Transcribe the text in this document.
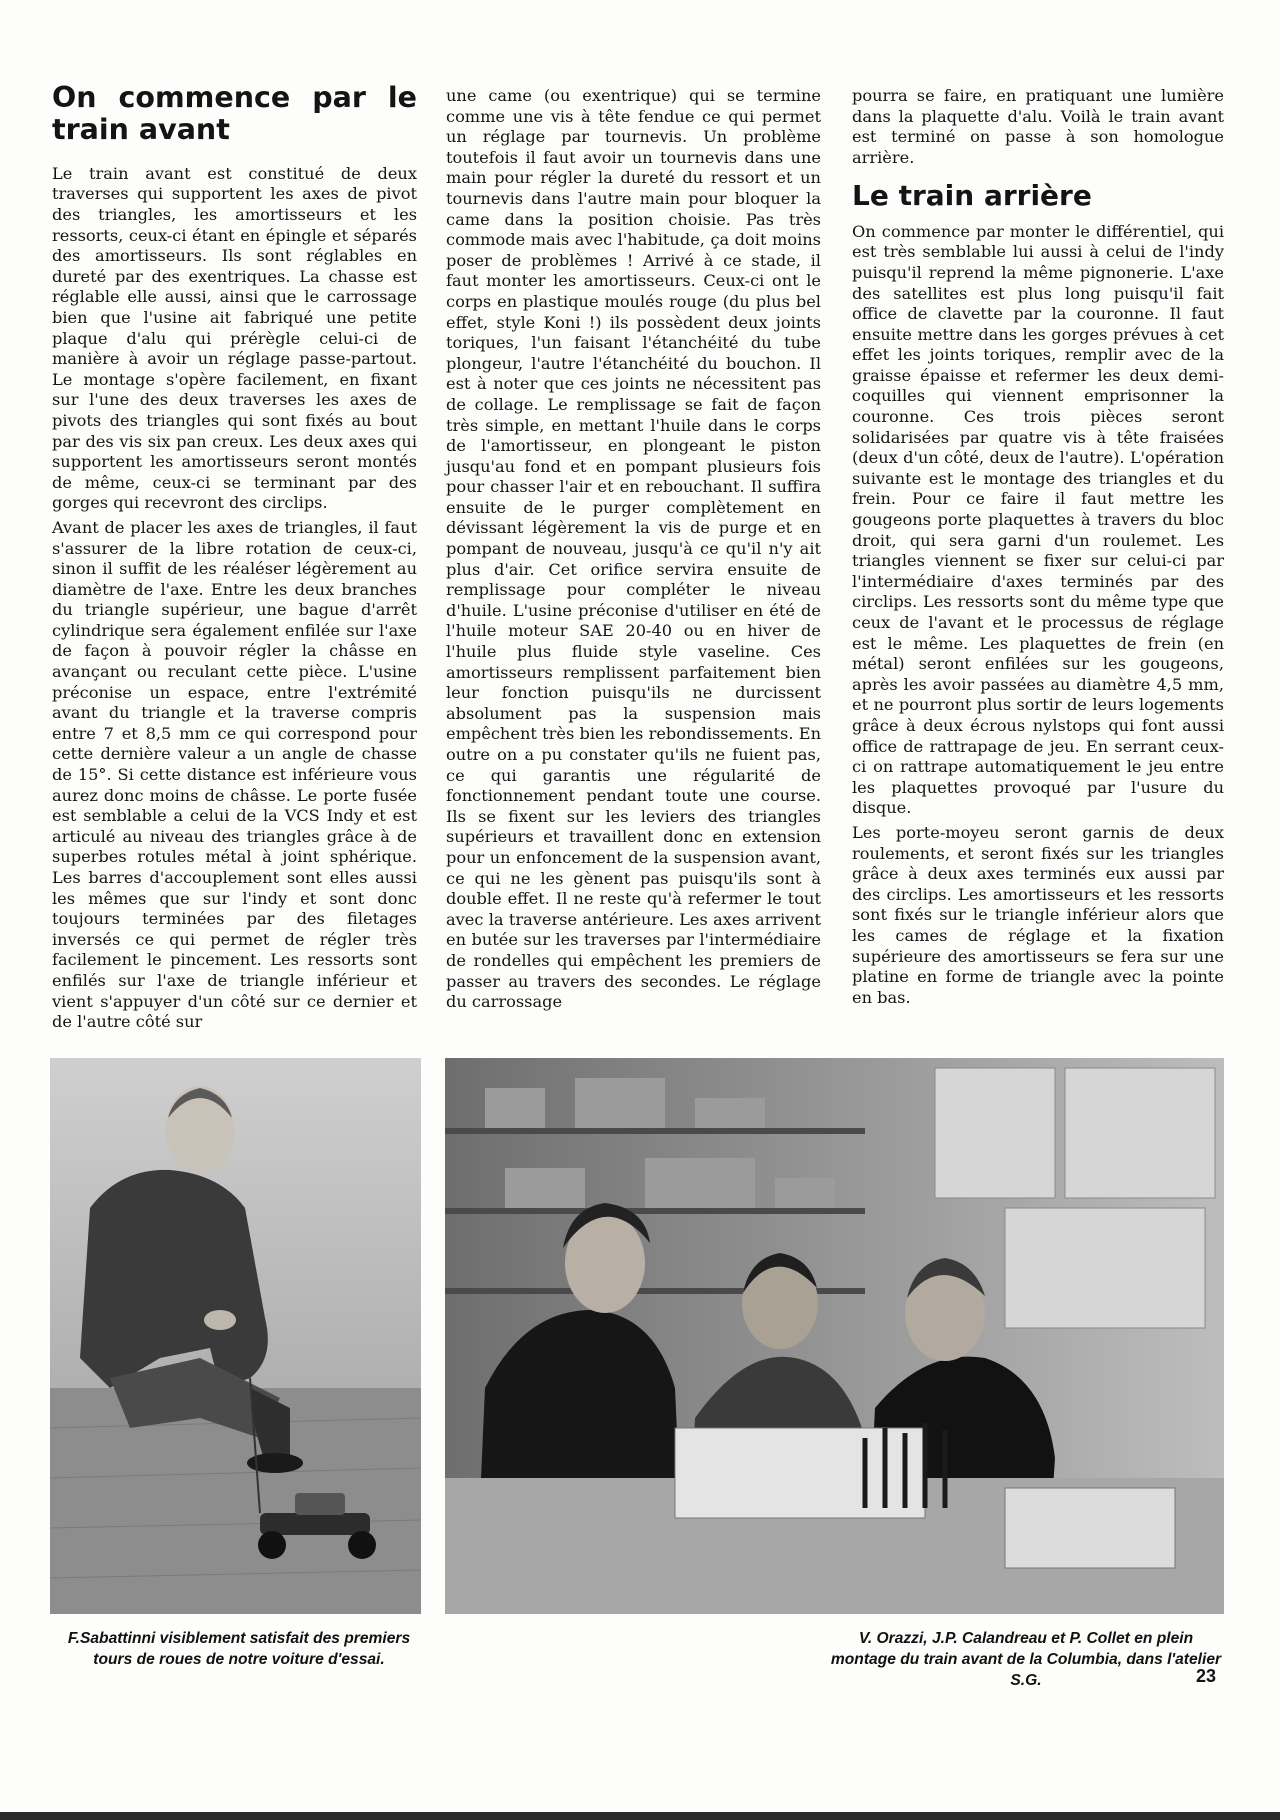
On commence par le train avant

Le train avant est constitué de deux traverses qui supportent les axes de pivot des triangles, les amortisseurs et les ressorts, ceux-ci étant en épingle et séparés des amortisseurs. Ils sont réglables en dureté par des exentriques. La chasse est réglable elle aussi, ainsi que le carrossage bien que l'usine ait fabriqué une petite plaque d'alu qui prérègle celui-ci de manière à avoir un réglage passe-partout. Le montage s'opère facilement, en fixant sur l'une des deux traverses les axes de pivots des triangles qui sont fixés au bout par des vis six pan creux. Les deux axes qui supportent les amortisseurs seront montés de même, ceux-ci se terminant par des gorges qui recevront des circlips.

Avant de placer les axes de triangles, il faut s'assurer de la libre rotation de ceux-ci, sinon il suffit de les réaléser légèrement au diamètre de l'axe. Entre les deux branches du triangle supérieur, une bague d'arrêt cylindrique sera également enfilée sur l'axe de façon à pouvoir régler la châsse en avançant ou reculant cette pièce. L'usine préconise un espace, entre l'extrémité avant du triangle et la traverse compris entre 7 et 8,5 mm ce qui correspond pour cette dernière valeur a un angle de chasse de 15°. Si cette distance est inférieure vous aurez donc moins de châsse. Le porte fusée est semblable a celui de la VCS Indy et est articulé au niveau des triangles grâce à de superbes rotules métal à joint sphérique. Les barres d'accouplement sont elles aussi les mêmes que sur l'indy et sont donc toujours terminées par des filetages inversés ce qui permet de régler très facilement le pincement. Les ressorts sont enfilés sur l'axe de triangle inférieur et vient s'appuyer d'un côté sur ce dernier et de l'autre côté sur

une came (ou exentrique) qui se termine comme une vis à tête fendue ce qui permet un réglage par tournevis. Un problème toutefois il faut avoir un tournevis dans une main pour régler la dureté du ressort et un tournevis dans l'autre main pour bloquer la came dans la position choisie. Pas très commode mais avec l'habitude, ça doit moins poser de problèmes ! Arrivé à ce stade, il faut monter les amortisseurs. Ceux-ci ont le corps en plastique moulés rouge (du plus bel effet, style Koni !) ils possèdent deux joints toriques, l'un faisant l'étanchéité du tube plongeur, l'autre l'étanchéité du bouchon. Il est à noter que ces joints ne nécessitent pas de collage. Le remplissage se fait de façon très simple, en mettant l'huile dans le corps de l'amortisseur, en plongeant le piston jusqu'au fond et en pompant plusieurs fois pour chasser l'air et en rebouchant. Il suffira ensuite de le purger complètement en dévissant légèrement la vis de purge et en pompant de nouveau, jusqu'à ce qu'il n'y ait plus d'air. Cet orifice servira ensuite de remplissage pour compléter le niveau d'huile. L'usine préconise d'utiliser en été de l'huile moteur SAE 20-40 ou en hiver de l'huile plus fluide style vaseline. Ces amortisseurs remplissent parfaitement bien leur fonction puisqu'ils ne durcissent absolument pas la suspension mais empêchent très bien les rebondissements. En outre on a pu constater qu'ils ne fuient pas, ce qui garantis une régularité de fonctionnement pendant toute une course. Ils se fixent sur les leviers des triangles supérieurs et travaillent donc en extension pour un enfoncement de la suspension avant, ce qui ne les gènent pas puisqu'ils sont à double effet. Il ne reste qu'à refermer le tout avec la traverse antérieure. Les axes arrivent en butée sur les traverses par l'intermédiaire de rondelles qui empêchent les premiers de passer au travers des secondes. Le réglage du carrossage

pourra se faire, en pratiquant une lumière dans la plaquette d'alu. Voilà le train avant est terminé on passe à son homologue arrière.

Le train arrière

On commence par monter le différentiel, qui est très semblable lui aussi à celui de l'indy puisqu'il reprend la même pignonerie. L'axe des satellites est plus long puisqu'il fait office de clavette par la couronne. Il faut ensuite mettre dans les gorges prévues à cet effet les joints toriques, remplir avec de la graisse épaisse et refermer les deux demi-coquilles qui viennent emprisonner la couronne. Ces trois pièces seront solidarisées par quatre vis à tête fraisées (deux d'un côté, deux de l'autre). L'opération suivante est le montage des triangles et du frein. Pour ce faire il faut mettre les gougeons porte plaquettes à travers du bloc droit, qui sera garni d'un roulemet. Les triangles viennent se fixer sur celui-ci par l'intermédiaire d'axes terminés par des circlips. Les ressorts sont du même type que ceux de l'avant et le processus de réglage est le même. Les plaquettes de frein (en métal) seront enfilées sur les gougeons, après les avoir passées au diamètre 4,5 mm, et ne pourront plus sortir de leurs logements grâce à deux écrous nylstops qui font aussi office de rattrapage de jeu. En serrant ceux-ci on rattrape automatiquement le jeu entre les plaquettes provoqué par l'usure du disque.

Les porte-moyeu seront garnis de deux roulements, et seront fixés sur les triangles grâce à deux axes terminés eux aussi par des circlips. Les amortisseurs et les ressorts sont fixés sur le triangle inférieur alors que les cames de réglage et la fixation supérieure des amortisseurs se fera sur une platine en forme de triangle avec la pointe en bas.

F.Sabattinni visiblement satisfait des premiers tours de roues de notre voiture d'essai.
V. Orazzi, J.P. Calandreau et P. Collet en plein montage du train avant de la Columbia, dans l'atelier S.G.	23
